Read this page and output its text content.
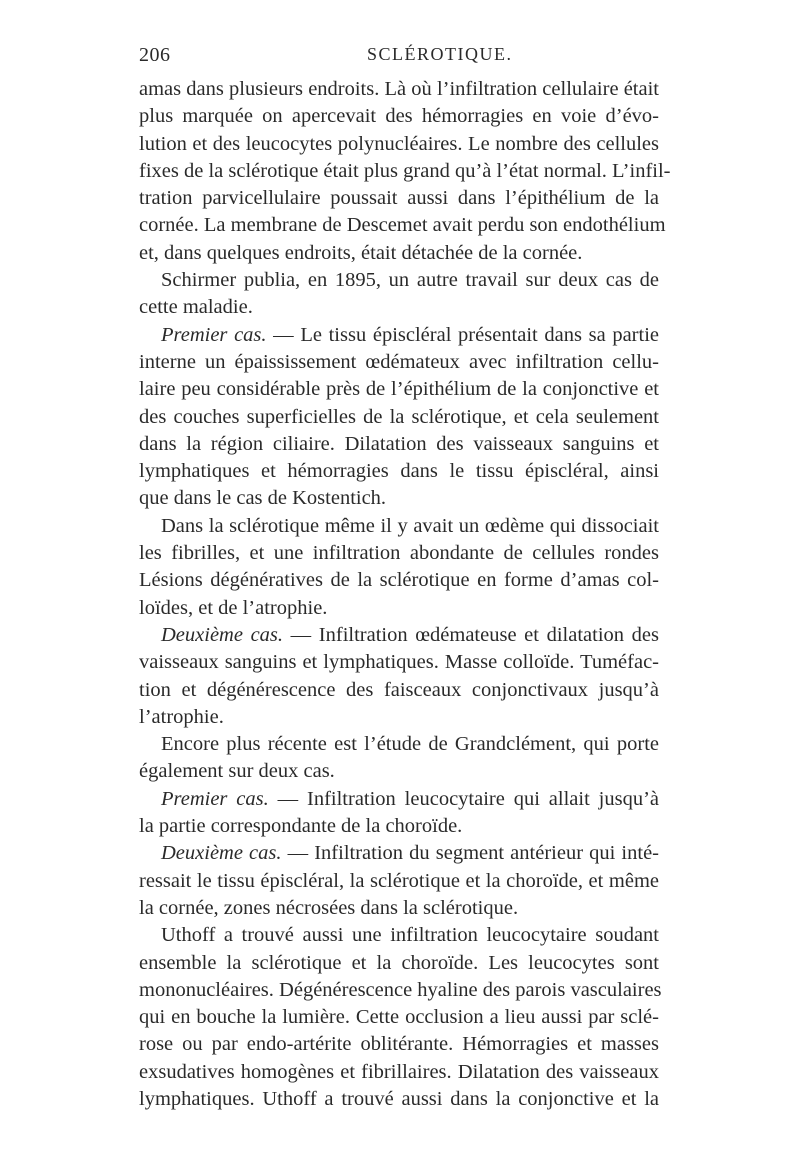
206	SCLÉROTIQUE.
amas dans plusieurs endroits. Là où l’infiltration cellulaire était
plus marquée on apercevait des hémorragies en voie d’évo-
lution et des leucocytes polynucléaires. Le nombre des cellules
fixes de la sclérotique était plus grand qu’à l’état normal. L’infil-
tration parvicellulaire poussait aussi dans l’épithélium de la
cornée. La membrane de Descemet avait perdu son endothélium
et, dans quelques endroits, était détachée de la cornée.
Schirmer publia, en 1895, un autre travail sur deux cas de
cette maladie.
Premier cas. — Le tissu épiscléral présentait dans sa partie
interne un épaississement œdémateux avec infiltration cellu-
laire peu considérable près de l’épithélium de la conjonctive et
des couches superficielles de la sclérotique, et cela seulement
dans la région ciliaire. Dilatation des vaisseaux sanguins et
lymphatiques et hémorragies dans le tissu épiscléral, ainsi
que dans le cas de Kostentich.
Dans la sclérotique même il y avait un œdème qui dissociait
les fibrilles, et une infiltration abondante de cellules rondes
Lésions dégénératives de la sclérotique en forme d’amas col-
loïdes, et de l’atrophie.
Deuxième cas. — Infiltration œdémateuse et dilatation des
vaisseaux sanguins et lymphatiques. Masse colloïde. Tuméfac-
tion et dégénérescence des faisceaux conjonctivaux jusqu’à
l’atrophie.
Encore plus récente est l’étude de Grandclément, qui porte
également sur deux cas.
Premier cas. — Infiltration leucocytaire qui allait jusqu’à
la partie correspondante de la choroïde.
Deuxième cas. — Infiltration du segment antérieur qui inté-
ressait le tissu épiscléral, la sclérotique et la choroïde, et même
la cornée, zones nécrosées dans la sclérotique.
Uthoff a trouvé aussi une infiltration leucocytaire soudant
ensemble la sclérotique et la choroïde. Les leucocytes sont
mononucléaires. Dégénérescence hyaline des parois vasculaires
qui en bouche la lumière. Cette occlusion a lieu aussi par sclé-
rose ou par endo-artérite oblitérante. Hémorragies et masses
exsudatives homogènes et fibrillaires. Dilatation des vaisseaux
lymphatiques. Uthoff a trouvé aussi dans la conjonctive et la
